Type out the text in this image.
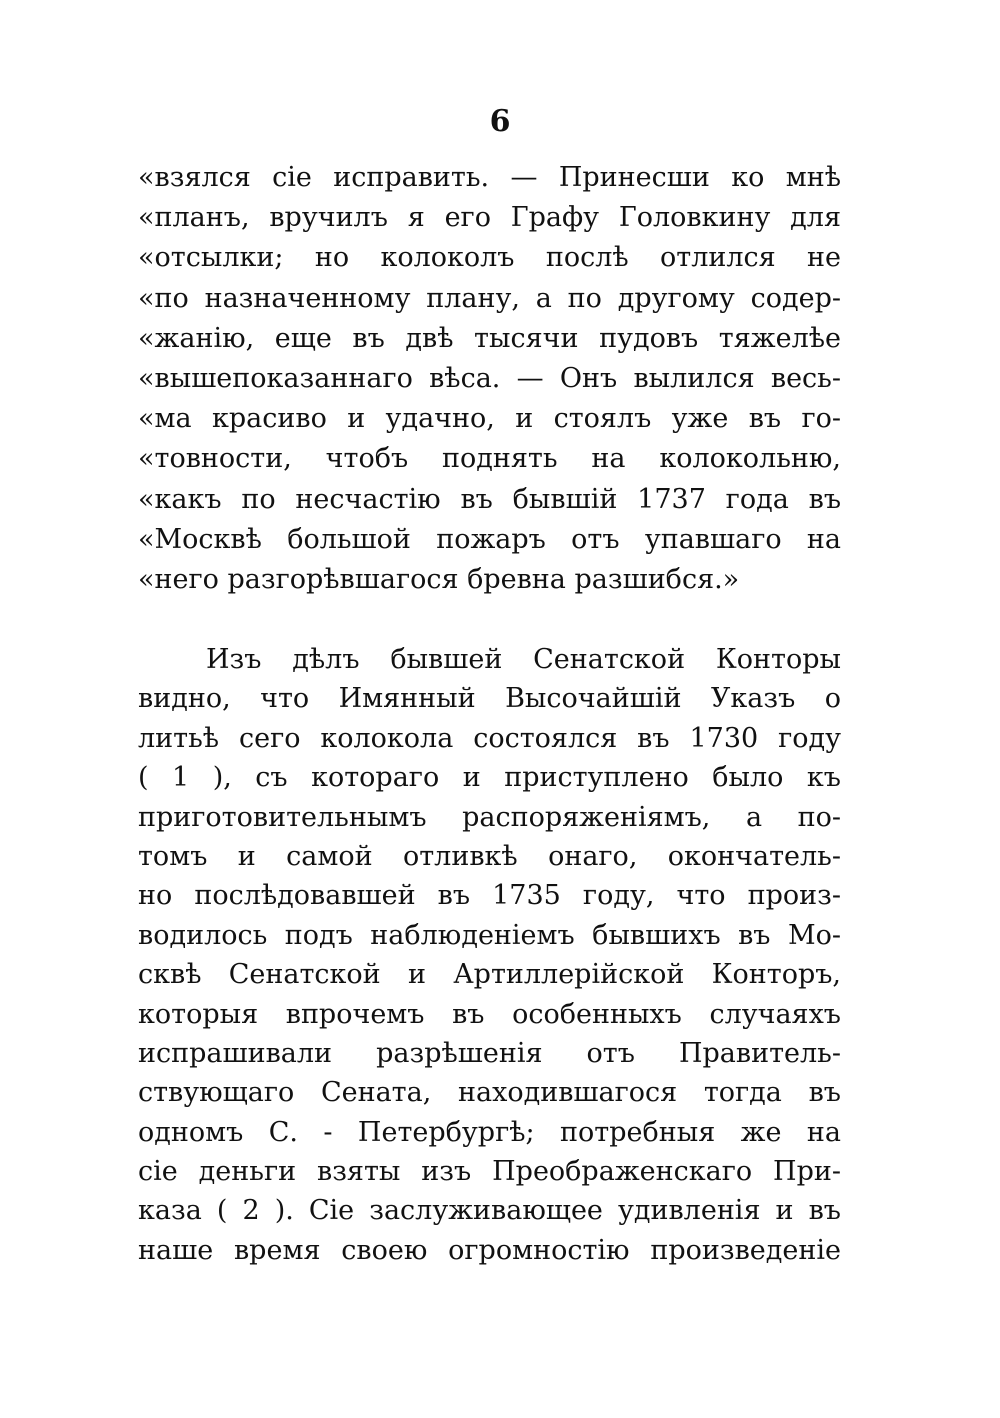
6
«взялся сіе исправить. — Принесши ко мнѣ
«планъ, вручилъ я его Графу Головкину для
«отсылки; но колоколъ послѣ отлился не
«по назначенному плану, а по другому содер-
«жанію, еще въ двѣ тысячи пудовъ тяжелѣе
«вышепоказаннаго вѣса. — Онъ вылился весь-
«ма красиво и удачно, и стоялъ уже въ го-
«товности, чтобъ поднять на колокольню,
«какъ по несчастію въ бывшій 1737 года въ
«Москвѣ большой пожаръ отъ упавшаго на
«него разгорѣвшагося бревна разшибся.»
Изъ дѣлъ бывшей Сенатской Конторы
видно, что Имянный Высочайшій Указъ о
литьѣ сего колокола состоялся въ 1730 году
( 1 ), съ котораго и приступлено было къ
приготовительнымъ распоряженіямъ, а по-
томъ и самой отливкѣ онаго, окончатель-
но послѣдовавшей въ 1735 году, что произ-
водилось подъ наблюденіемъ бывшихъ въ Мо-
сквѣ Сенатской и Артиллерійской Конторъ,
которыя впрочемъ въ особенныхъ случаяхъ
испрашивали разрѣшенія отъ Правитель-
ствующаго Сената, находившагося тогда въ
одномъ С. - Петербургѣ; потребныя же на
сіе деньги взяты изъ Преображенскаго При-
каза ( 2 ). Сіе заслуживающее удивленія и въ
наше время своею огромностію произведеніе
